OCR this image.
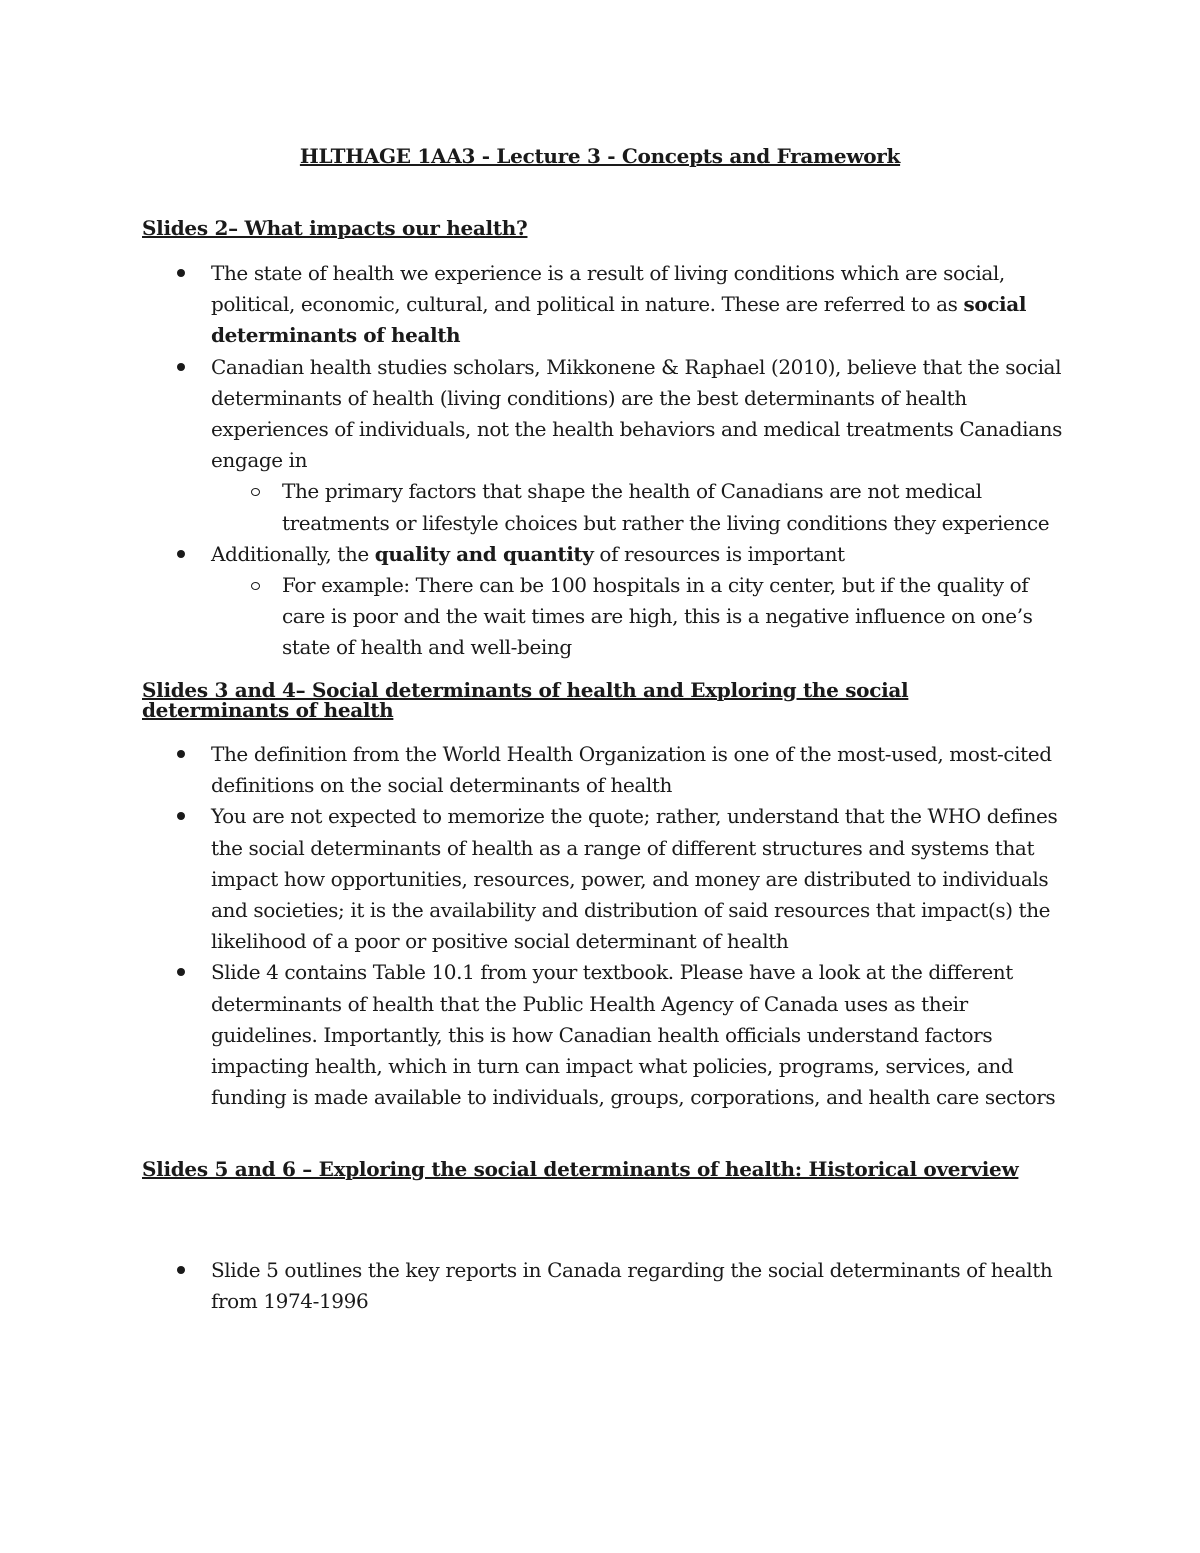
HLTHAGE 1AA3 - Lecture 3 - Concepts and Framework
Slides 2– What impacts our health?
The state of health we experience is a result of living conditions which are social, political, economic, cultural, and political in nature. These are referred to as social determinants of health
Canadian health studies scholars, Mikkonene & Raphael (2010), believe that the social determinants of health (living conditions) are the best determinants of health experiences of individuals, not the health behaviors and medical treatments Canadians engage in
The primary factors that shape the health of Canadians are not medical treatments or lifestyle choices but rather the living conditions they experience
Additionally, the quality and quantity of resources is important
For example: There can be 100 hospitals in a city center, but if the quality of care is poor and the wait times are high, this is a negative influence on one’s state of health and well-being
Slides 3 and 4– Social determinants of health and Exploring the social determinants of health
The definition from the World Health Organization is one of the most-used, most-cited definitions on the social determinants of health
You are not expected to memorize the quote; rather, understand that the WHO defines the social determinants of health as a range of different structures and systems that impact how opportunities, resources, power, and money are distributed to individuals and societies; it is the availability and distribution of said resources that impact(s) the likelihood of a poor or positive social determinant of health
Slide 4 contains Table 10.1 from your textbook. Please have a look at the different determinants of health that the Public Health Agency of Canada uses as their guidelines. Importantly, this is how Canadian health officials understand factors impacting health, which in turn can impact what policies, programs, services, and funding is made available to individuals, groups, corporations, and health care sectors
Slides 5 and 6 – Exploring the social determinants of health: Historical overview
Slide 5 outlines the key reports in Canada regarding the social determinants of health from 1974-1996
